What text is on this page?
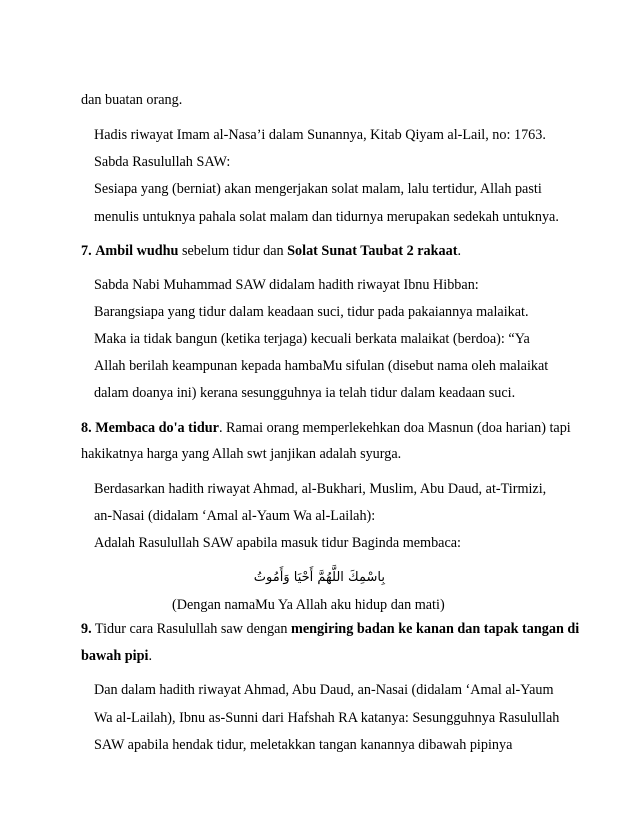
dan buatan orang.

Hadis riwayat Imam al-Nasa’i dalam Sunannya, Kitab Qiyam al-Lail, no: 1763.

Sabda Rasulullah SAW:

Sesiapa yang (berniat) akan mengerjakan solat malam, lalu tertidur, Allah pasti

menulis untuknya pahala solat malam dan tidurnya merupakan sedekah untuknya.

7. Ambil wudhu sebelum tidur dan Solat Sunat Taubat 2 rakaat.

Sabda Nabi Muhammad SAW didalam hadith riwayat Ibnu Hibban:

Barangsiapa yang tidur dalam keadaan suci, tidur pada pakaiannya malaikat.

Maka ia tidak bangun (ketika terjaga) kecuali berkata malaikat (berdoa): “Ya

Allah berilah keampunan kepada hambaMu sifulan (disebut nama oleh malaikat

dalam doanya ini) kerana sesungguhnya ia telah tidur dalam keadaan suci.

8. Membaca do'a tidur. Ramai orang memperlekehkan doa Masnun (doa harian) tapi

hakikatnya harga yang Allah swt janjikan adalah syurga.

Berdasarkan hadith riwayat Ahmad, al-Bukhari, Muslim, Abu Daud, at-Tirmizi,

an-Nasai (didalam ‘Amal al-Yaum Wa al-Lailah):

Adalah Rasulullah SAW apabila masuk tidur Baginda membaca:

بِاسْمِكَ اللَّهُمَّ أَحْيَا وَأَمُوتُ

(Dengan namaMu Ya Allah aku hidup dan mati)

9. Tidur cara Rasulullah saw dengan mengiring badan ke kanan dan tapak tangan di

bawah pipi.

Dan dalam hadith riwayat Ahmad, Abu Daud, an-Nasai (didalam ‘Amal al-Yaum

Wa al-Lailah), Ibnu as-Sunni dari Hafshah RA katanya: Sesungguhnya Rasulullah

SAW apabila hendak tidur, meletakkan tangan kanannya dibawah pipinya
